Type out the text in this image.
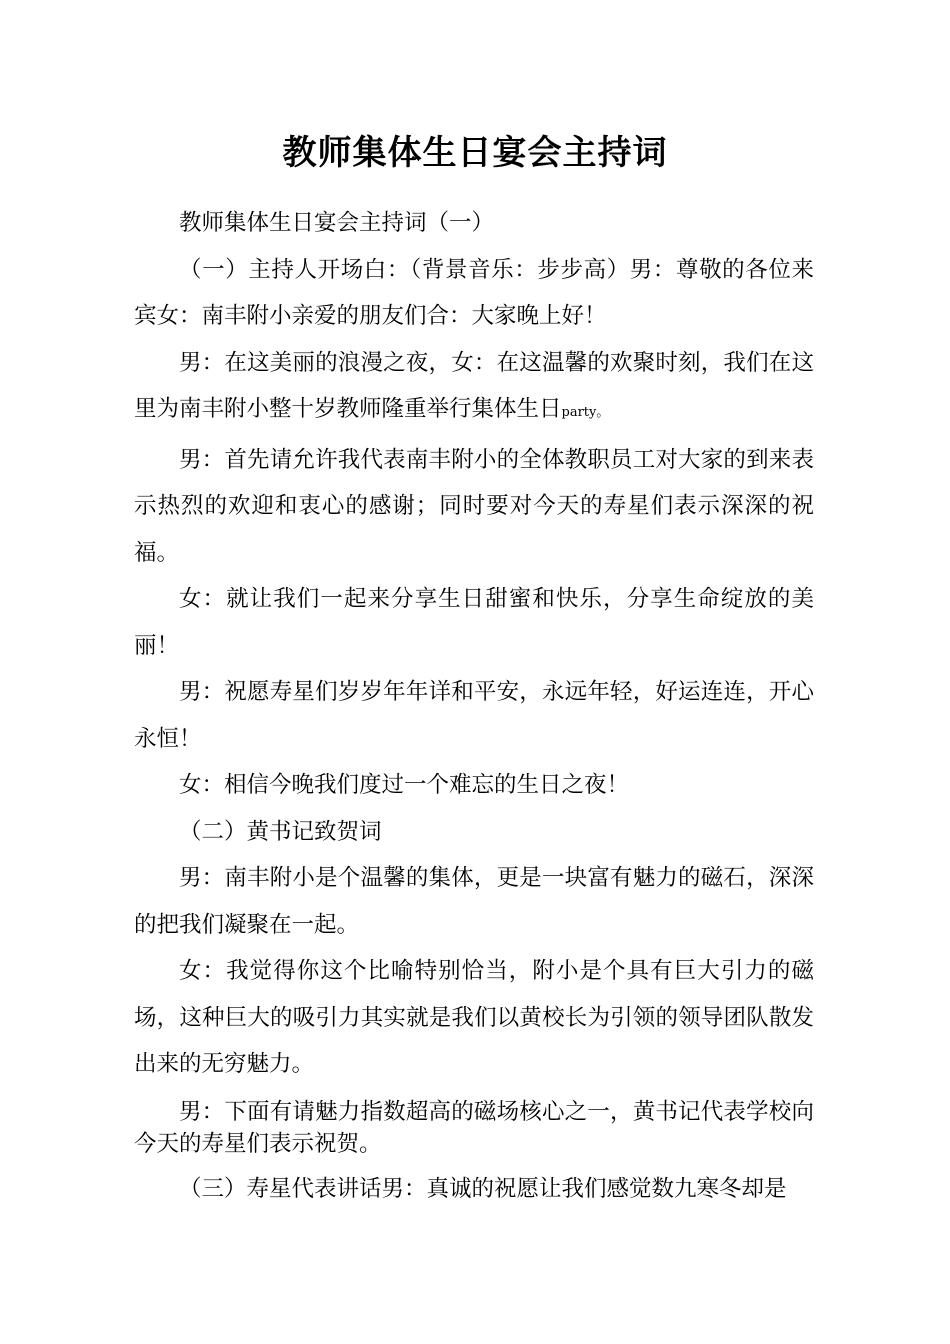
教师集体生日宴会主持词

教师集体生日宴会主持词（一）

（一）主持人开场白：（背景音乐：步步高）男：尊敬的各位来宾女：南丰附小亲爱的朋友们合：大家晚上好！

男：在这美丽的浪漫之夜，女：在这温馨的欢聚时刻，我们在这里为南丰附小整十岁教师隆重举行集体生日party。

男：首先请允许我代表南丰附小的全体教职员工对大家的到来表示热烈的欢迎和衷心的感谢；同时要对今天的寿星们表示深深的祝福。

女：就让我们一起来分享生日甜蜜和快乐，分享生命绽放的美丽！

男：祝愿寿星们岁岁年年详和平安，永远年轻，好运连连，开心永恒！

女：相信今晚我们度过一个难忘的生日之夜！

（二）黄书记致贺词

男：南丰附小是个温馨的集体，更是一块富有魅力的磁石，深深的把我们凝聚在一起。

女：我觉得你这个比喻特别恰当，附小是个具有巨大引力的磁场，这种巨大的吸引力其实就是我们以黄校长为引领的领导团队散发出来的无穷魅力。

男：下面有请魅力指数超高的磁场核心之一，黄书记代表学校向今天的寿星们表示祝贺。

（三）寿星代表讲话男：真诚的祝愿让我们感觉数九寒冬却是
